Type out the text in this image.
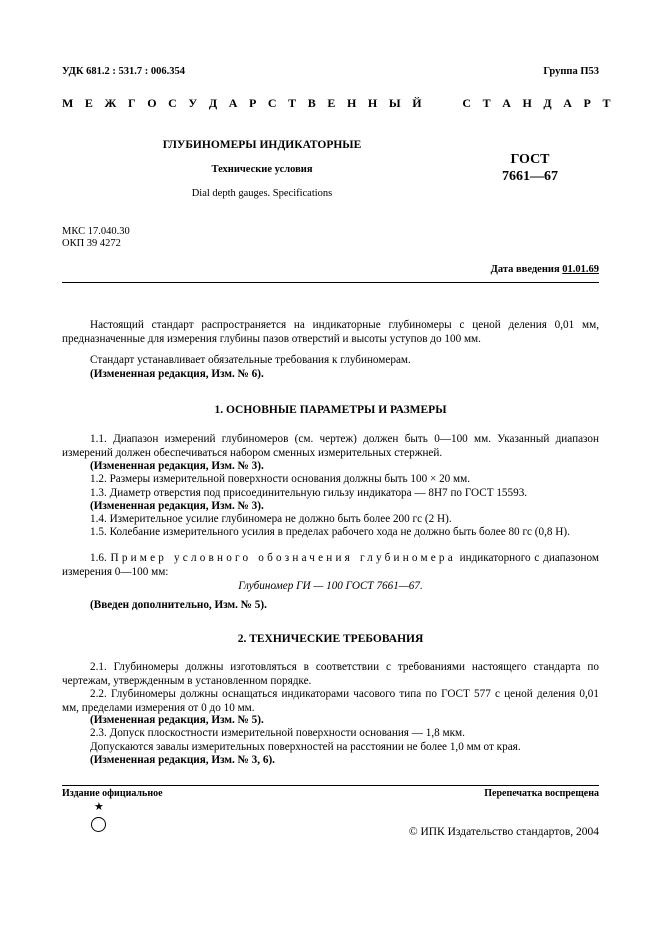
УДК 681.2 : 531.7 : 006.354	Группа П53
М Е Ж Г О С У Д А Р С Т В Е Н Н Ы Й     С Т А Н Д А Р Т
ГЛУБИНОМЕРЫ ИНДИКАТОРНЫЕ
Технические условия
Dial depth gauges. Specifications
ГОСТ
7661—67
МКС 17.040.30
ОКП 39 4272
Дата введения 01.01.69
Настоящий стандарт распространяется на индикаторные глубиномеры с ценой деления 0,01 мм, предназначенные для измерения глубины пазов отверстий и высоты уступов до 100 мм.
Стандарт устанавливает обязательные требования к глубиномерам.
(Измененная редакция, Изм. № 6).
1. ОСНОВНЫЕ ПАРАМЕТРЫ И РАЗМЕРЫ
1.1. Диапазон измерений глубиномеров (см. чертеж) должен быть 0—100 мм. Указанный диапазон измерений должен обеспечиваться набором сменных измерительных стержней.
(Измененная редакция, Изм. № 3).
1.2. Размеры измерительной поверхности основания должны быть 100 × 20 мм.
1.3. Диаметр отверстия под присоединительную гильзу индикатора — 8Н7 по ГОСТ 15593.
(Измененная редакция, Изм. № 3).
1.4. Измерительное усилие глубиномера не должно быть более 200 гс (2 Н).
1.5. Колебание измерительного усилия в пределах рабочего хода не должно быть более 80 гс (0,8 Н).
1.6. Пример условного обозначения глубиномера индикаторного с диапазоном измерения 0—100 мм:
Глубиномер ГИ — 100 ГОСТ 7661—67.
(Введен дополнительно, Изм. № 5).
2. ТЕХНИЧЕСКИЕ ТРЕБОВАНИЯ
2.1. Глубиномеры должны изготовляться в соответствии с требованиями настоящего стандарта по чертежам, утвержденным в установленном порядке.
2.2. Глубиномеры должны оснащаться индикаторами часового типа по ГОСТ 577 с ценой деления 0,01 мм, пределами измерения от 0 до 10 мм.
(Измененная редакция, Изм. № 5).
2.3. Допуск плоскостности измерительной поверхности основания — 1,8 мкм.
Допускаются завалы измерительных поверхностей на расстоянии не более 1,0 мм от края.
(Измененная редакция, Изм. № 3, 6).
Издание официальное	Перепечатка воспрещена
★
© ИПК Издательство стандартов, 2004
